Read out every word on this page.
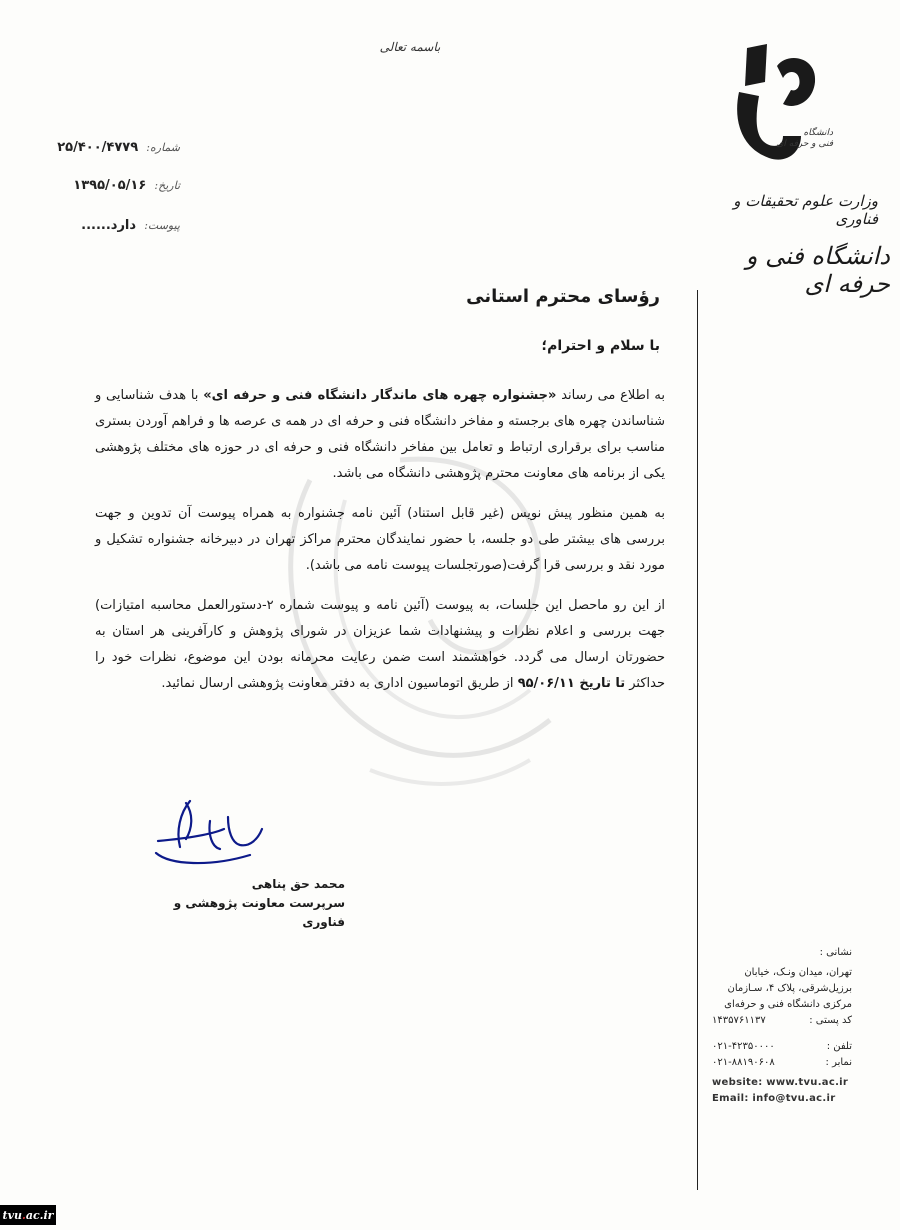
باسمه تعالی
دانشگاه
فنی و حرفه ای
وزارت علوم تحقیقات و فناوری
دانشگاه فنی و حرفه ای
شماره: ۲۵/۴۰۰/۴۷۷۹
تاریخ: ۱۳۹۵/۰۵/۱۶
پیوست: دارد......
رؤسای محترم استانی
با سلام و احترام؛

به اطلاع می رساند «جشنواره چهره های ماندگار دانشگاه فنی و حرفه ای» با هدف شناسایی و شناساندن چهره های برجسته و مفاخر دانشگاه فنی و حرفه ای در همه ی عرصه ها و فراهم آوردن بستری مناسب برای برقراری ارتباط و تعامل بین مفاخر دانشگاه فنی و حرفه ای در حوزه های مختلف پژوهشی یکی از برنامه های معاونت محترم پژوهشی دانشگاه می باشد.

به همین منظور پیش نویس (غیر قابل استناد) آئین نامه جشنواره به همراه پیوست آن تدوین و جهت بررسی های بیشتر طی دو جلسه، با حضور نمایندگان محترم مراکز تهران در دبیرخانه جشنواره تشکیل و مورد نقد و بررسی قرا گرفت(صورتجلسات پیوست نامه می باشد).

از این رو ماحصل این جلسات، به پیوست (آئین نامه و پیوست شماره ۲-دستورالعمل محاسبه امتیازات) جهت بررسی و اعلام نظرات و پیشنهادات شما عزیزان در شورای پژوهش و کارآفرینی هر استان به حضورتان ارسال می گردد. خواهشمند است ضمن رعایت محرمانه بودن این موضوع، نظرات خود را حداکثر تا تاریخ ۹۵/۰۶/۱۱ از طریق اتوماسیون اداری به دفتر معاونت پژوهشی ارسال نمائید.

محمد حق پناهی
سرپرست معاونت پژوهشی و فناوری
نشانی :
تهران، میدان ونـک، خیابان
برزیل‌شرقی، پلاک ۴، سـازمان
مرکزی دانشگاه فنی و حرفه‌ای
کد پستی :
۱۴۳۵۷۶۱۱۳۷
تلفن :
۰۲۱-۴۲۳۵۰۰۰۰
نمابر :
۰۲۱-۸۸۱۹۰۶۰۸
website: www.tvu.ac.ir
Email: info@tvu.ac.ir
tvu . ac.ir
